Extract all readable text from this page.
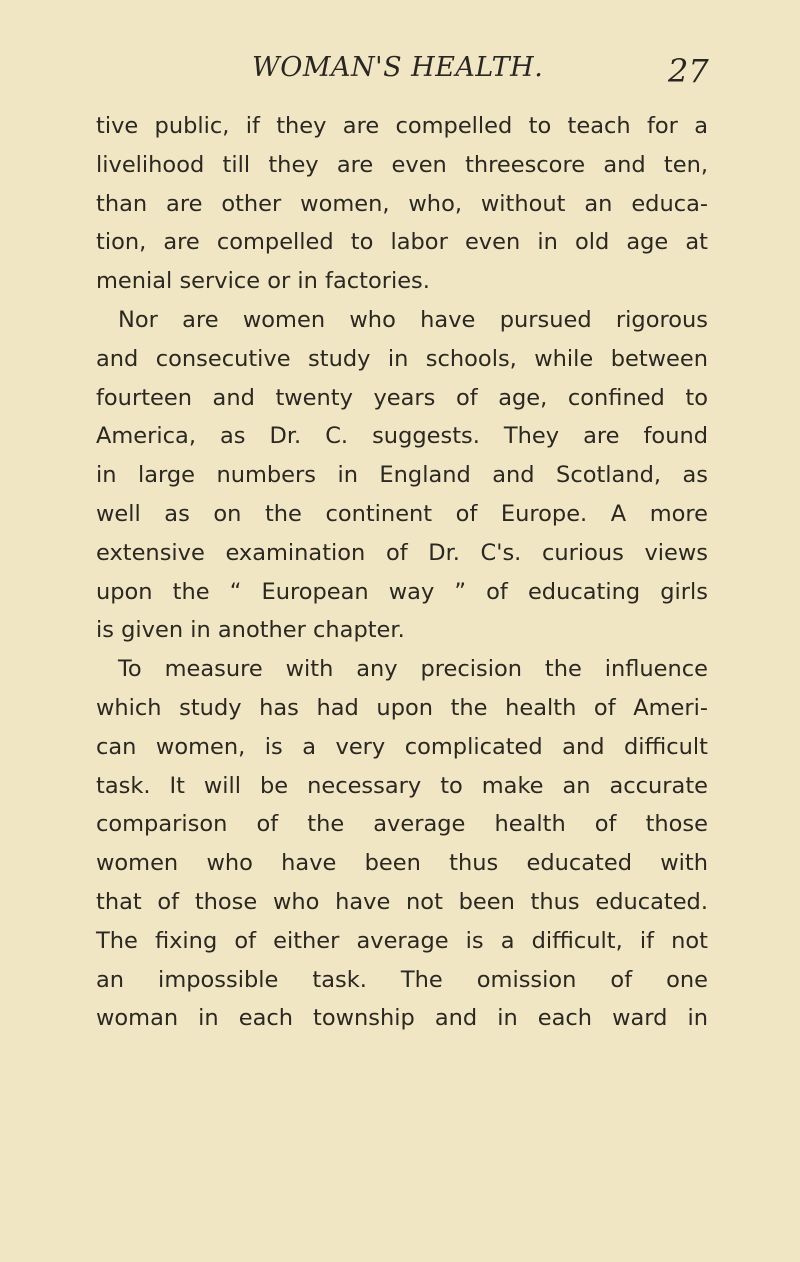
WOMAN'S HEALTH.	27
tive public, if they are compelled to teach for a
livelihood till they are even threescore and ten,
than are other women, who, without an educa-
tion, are compelled to labor even in old age at
menial service or in factories.
Nor are women who have pursued rigorous
and consecutive study in schools, while between
fourteen and twenty years of age, confined to
America, as Dr. C. suggests. They are found
in large numbers in England and Scotland, as
well as on the continent of Europe. A more
extensive examination of Dr. C's. curious views
upon the “ European way ” of educating girls
is given in another chapter.
To measure with any precision the influence
which study has had upon the health of Ameri-
can women, is a very complicated and difficult
task. It will be necessary to make an accurate
comparison of the average health of those
women who have been thus educated with
that of those who have not been thus educated.
The fixing of either average is a difficult, if not
an impossible task. The omission of one
woman in each township and in each ward in
